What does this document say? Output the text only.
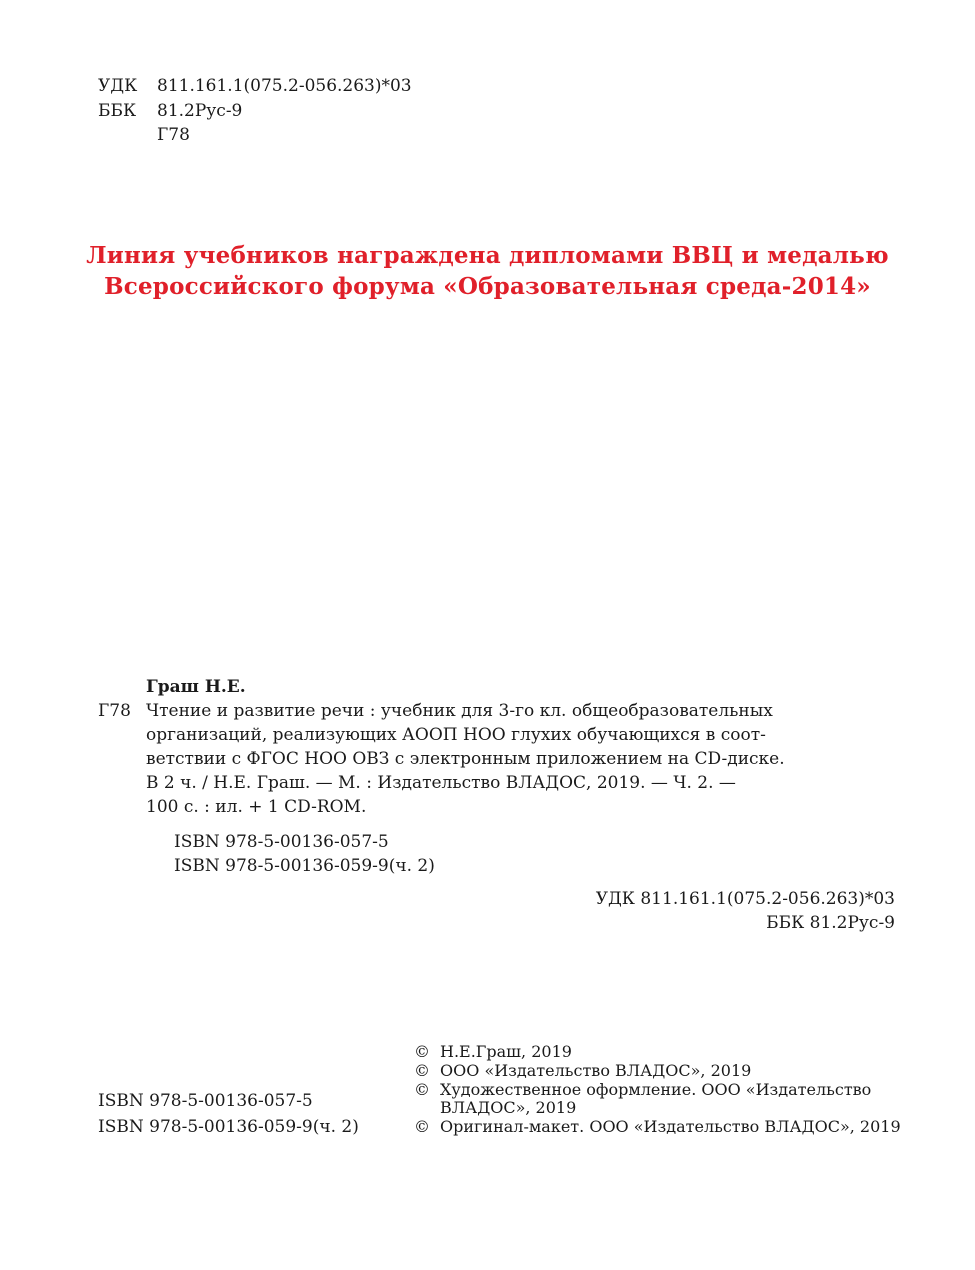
УДК	811.161.1(075.2-056.263)*03
ББК	81.2Рус-9
Г78
Линия учебников награждена дипломами ВВЦ и медалью
Всероссийского форума «Образовательная среда-2014»
Граш Н.Е.
Г78 Чтение и развитие речи : учебник для 3-го кл. общеобразовательных
организаций, реализующих АООП НОО глухих обучающихся в соот-
ветствии с ФГОС НОО ОВЗ с электронным приложением на CD-диске.
В 2 ч. / Н.Е. Граш. — М. : Издательство ВЛАДОС, 2019. — Ч. 2. —
100 с. : ил. + 1 CD-ROM.
ISBN 978-5-00136-057-5
ISBN 978-5-00136-059-9(ч. 2)
УДК 811.161.1(075.2-056.263)*03
ББК 81.2Рус-9
ISBN 978-5-00136-057-5
ISBN 978-5-00136-059-9(ч. 2)
© Н.Е.Граш, 2019
© ООО «Издательство ВЛАДОС», 2019
© Художественное оформление. ООО «Издательство
ВЛАДОС», 2019
© Оригинал-макет. ООО «Издательство ВЛАДОС», 2019
